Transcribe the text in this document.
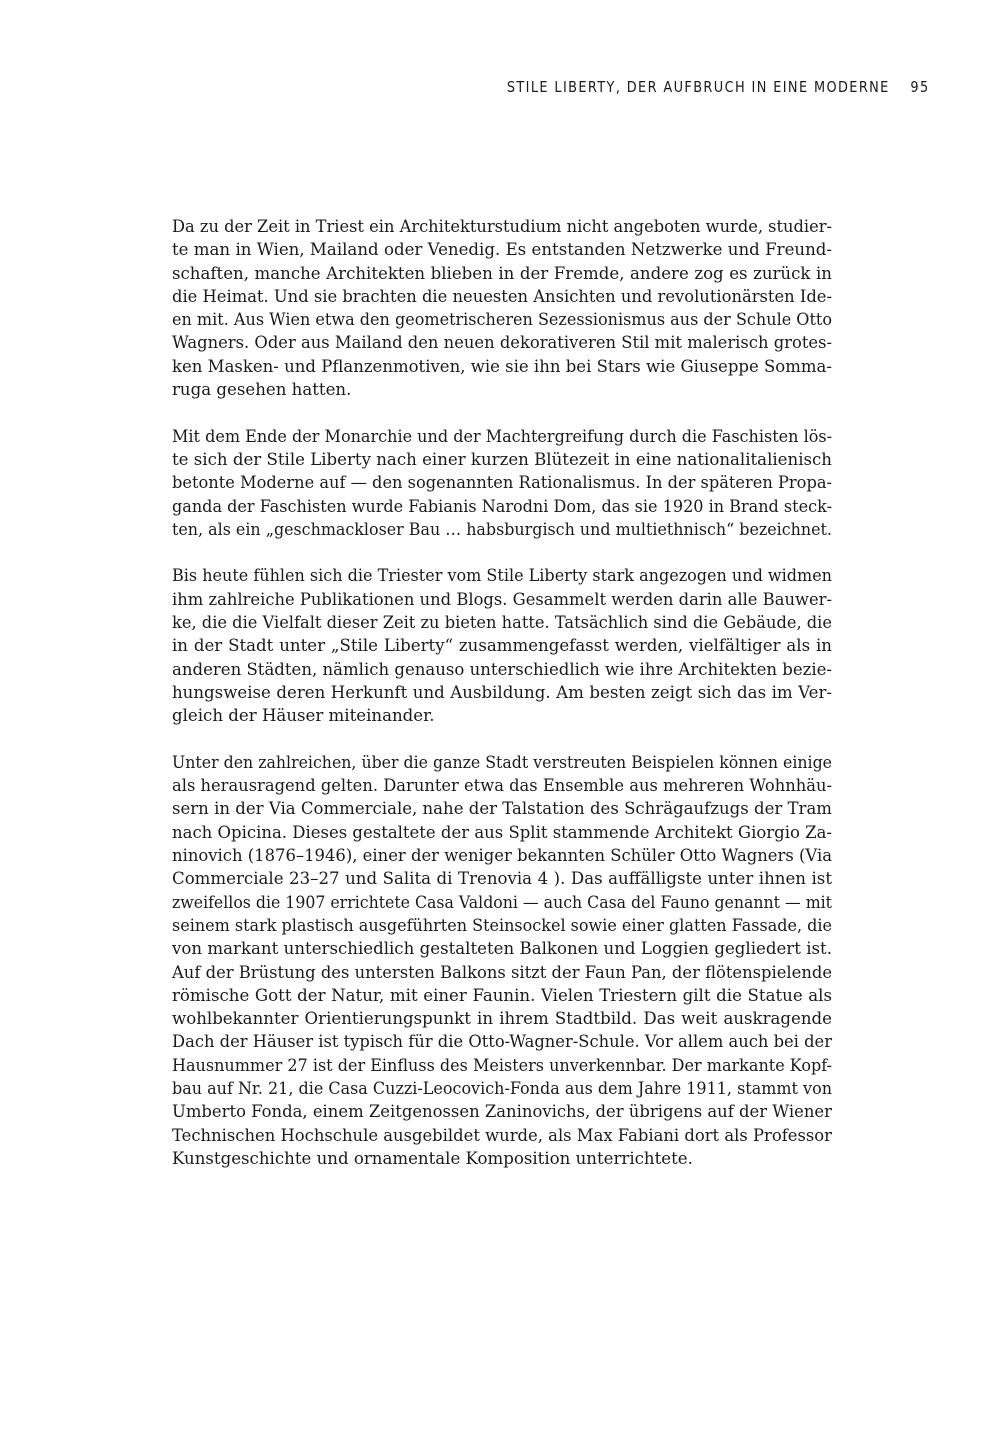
STILE LIBERTY, DER AUFBRUCH IN EINE MODERNE 95

Da zu der Zeit in Triest ein Architekturstudium nicht angeboten wurde, studier-
te man in Wien, Mailand oder Venedig. Es entstanden Netzwerke und Freund-
schaften, manche Architekten blieben in der Fremde, andere zog es zurück in
die Heimat. Und sie brachten die neuesten Ansichten und revolutionärsten Ide-
en mit. Aus Wien etwa den geometrischeren Sezessionismus aus der Schule Otto
Wagners. Oder aus Mailand den neuen dekorativeren Stil mit malerisch grotes-
ken Masken- und Pflanzenmotiven, wie sie ihn bei Stars wie Giuseppe Somma-
ruga gesehen hatten.

Mit dem Ende der Monarchie und der Machtergreifung durch die Faschisten lös-
te sich der Stile Liberty nach einer kurzen Blütezeit in eine nationalitalienisch
betonte Moderne auf — den sogenannten Rationalismus. In der späteren Propa-
ganda der Faschisten wurde Fabianis Narodni Dom, das sie 1920 in Brand steck-
ten, als ein „geschmackloser Bau … habsburgisch und multiethnisch“ bezeichnet.

Bis heute fühlen sich die Triester vom Stile Liberty stark angezogen und widmen
ihm zahlreiche Publikationen und Blogs. Gesammelt werden darin alle Bauwer-
ke, die die Vielfalt dieser Zeit zu bieten hatte. Tatsächlich sind die Gebäude, die
in der Stadt unter „Stile Liberty“ zusammengefasst werden, vielfältiger als in
anderen Städten, nämlich genauso unterschiedlich wie ihre Architekten bezie-
hungsweise deren Herkunft und Ausbildung. Am besten zeigt sich das im Ver-
gleich der Häuser miteinander.

Unter den zahlreichen, über die ganze Stadt verstreuten Beispielen können einige
als herausragend gelten. Darunter etwa das Ensemble aus mehreren Wohnhäu-
sern in der Via Commerciale, nahe der Talstation des Schrägaufzugs der Tram
nach Opicina. Dieses gestaltete der aus Split stammende Architekt Giorgio Za-
ninovich (1876–1946), einer der weniger bekannten Schüler Otto Wagners (Via
Commerciale 23–27 und Salita di Trenovia 4 ). Das auffälligste unter ihnen ist
zweifellos die 1907 errichtete Casa Valdoni — auch Casa del Fauno genannt — mit
seinem stark plastisch ausgeführten Steinsockel sowie einer glatten Fassade, die
von markant unterschiedlich gestalteten Balkonen und Loggien gegliedert ist.
Auf der Brüstung des untersten Balkons sitzt der Faun Pan, der flötenspielende
römische Gott der Natur, mit einer Faunin. Vielen Triestern gilt die Statue als
wohlbekannter Orientierungspunkt in ihrem Stadtbild. Das weit auskragende
Dach der Häuser ist typisch für die Otto-Wagner-Schule. Vor allem auch bei der
Hausnummer 27 ist der Einfluss des Meisters unverkennbar. Der markante Kopf-
bau auf Nr. 21, die Casa Cuzzi-Leocovich-Fonda aus dem Jahre 1911, stammt von
Umberto Fonda, einem Zeitgenossen Zaninovichs, der übrigens auf der Wiener
Technischen Hochschule ausgebildet wurde, als Max Fabiani dort als Professor
Kunstgeschichte und ornamentale Komposition unterrichtete.
